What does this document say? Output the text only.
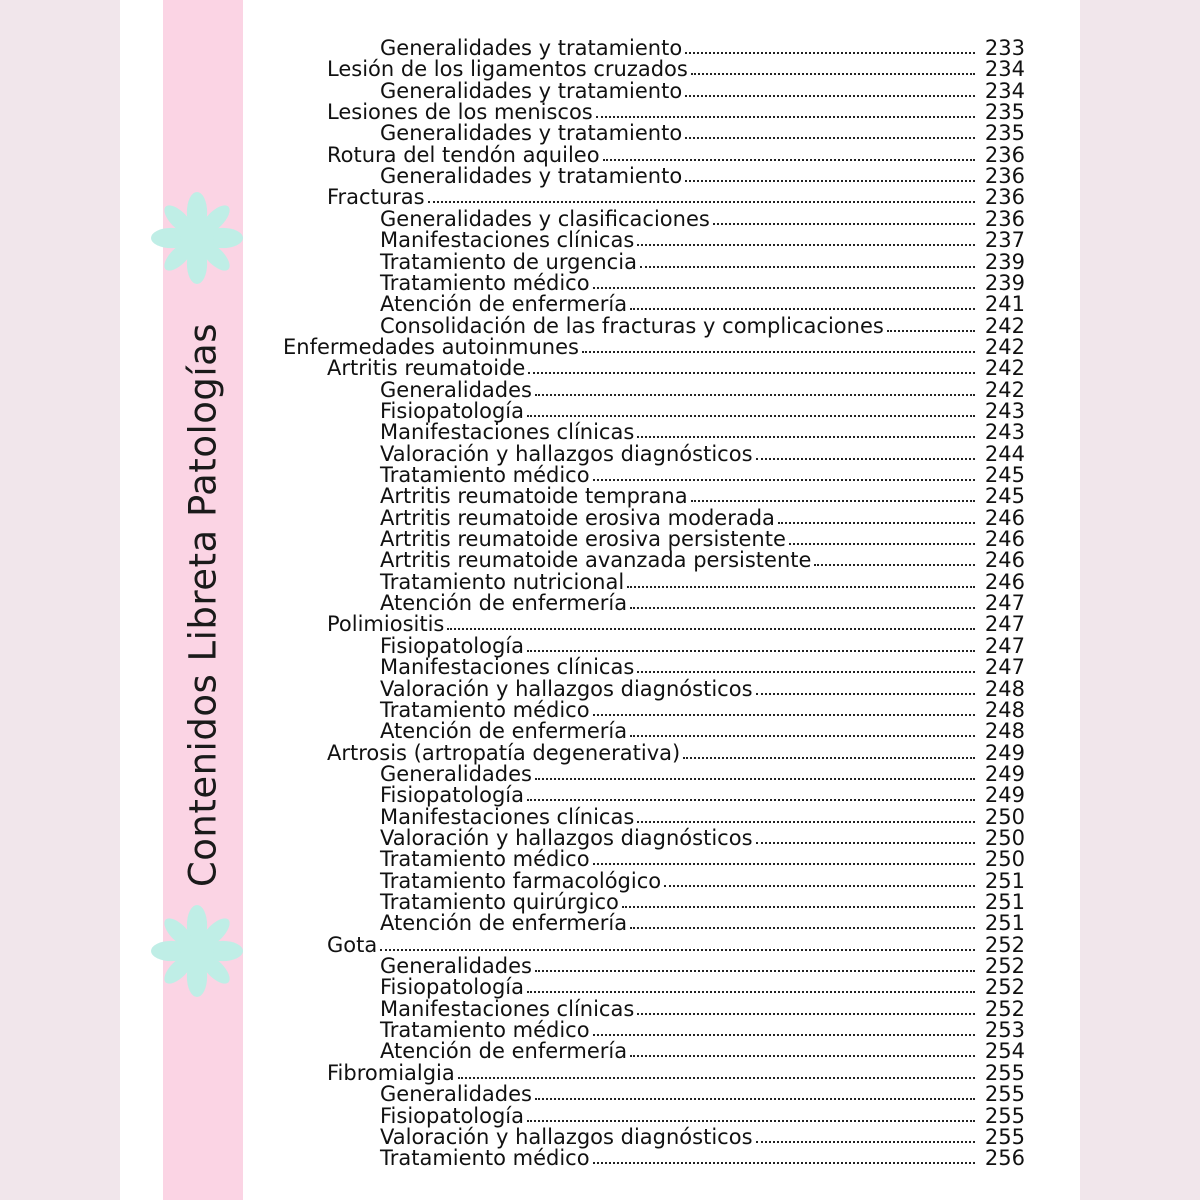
Contenidos Libreta Patologías
Generalidades y tratamiento	233
Lesión de los ligamentos cruzados	234
Generalidades y tratamiento	234
Lesiones de los meniscos	235
Generalidades y tratamiento	235
Rotura del tendón aquileo	236
Generalidades y tratamiento	236
Fracturas	236
Generalidades y clasificaciones	236
Manifestaciones clínicas	237
Tratamiento de urgencia	239
Tratamiento médico	239
Atención de enfermería	241
Consolidación de las fracturas y complicaciones	242
Enfermedades autoinmunes	242
Artritis reumatoide	242
Generalidades	242
Fisiopatología	243
Manifestaciones clínicas	243
Valoración y hallazgos diagnósticos	244
Tratamiento médico	245
Artritis reumatoide temprana	245
Artritis reumatoide erosiva moderada	246
Artritis reumatoide erosiva persistente	246
Artritis reumatoide avanzada persistente	246
Tratamiento nutricional	246
Atención de enfermería	247
Polimiositis	247
Fisiopatología	247
Manifestaciones clínicas	247
Valoración y hallazgos diagnósticos	248
Tratamiento médico	248
Atención de enfermería	248
Artrosis (artropatía degenerativa)	249
Generalidades	249
Fisiopatología	249
Manifestaciones clínicas	250
Valoración y hallazgos diagnósticos	250
Tratamiento médico	250
Tratamiento farmacológico	251
Tratamiento quirúrgico	251
Atención de enfermería	251
Gota	252
Generalidades	252
Fisiopatología	252
Manifestaciones clínicas	252
Tratamiento médico	253
Atención de enfermería	254
Fibromialgia	255
Generalidades	255
Fisiopatología	255
Valoración y hallazgos diagnósticos	255
Tratamiento médico	256
